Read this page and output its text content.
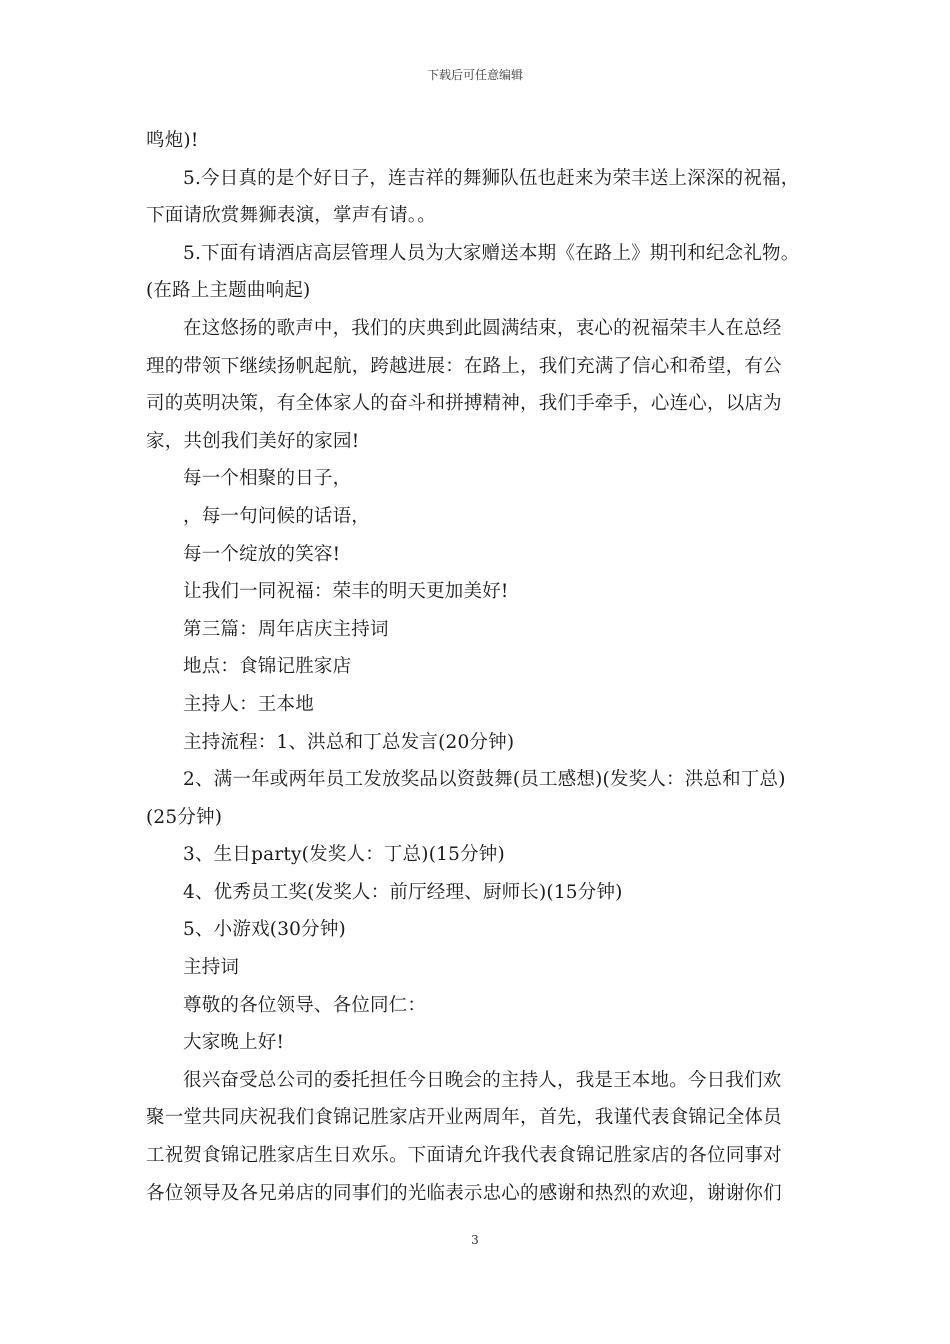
下载后可任意编辑
鸣炮)!
5.今日真的是个好日子，连吉祥的舞狮队伍也赶来为荣丰送上深深的祝福，
下面请欣赏舞狮表演，掌声有请。。
5.下面有请酒店高层管理人员为大家赠送本期《在路上》期刊和纪念礼物。
(在路上主题曲响起)
在这悠扬的歌声中，我们的庆典到此圆满结束，衷心的祝福荣丰人在总经
理的带领下继续扬帆起航，跨越进展：在路上，我们充满了信心和希望，有公
司的英明决策，有全体家人的奋斗和拼搏精神，我们手牵手，心连心，以店为
家，共创我们美好的家园!
每一个相聚的日子，
，每一句问候的话语，
每一个绽放的笑容!
让我们一同祝福：荣丰的明天更加美好!
第三篇：周年店庆主持词
地点：食锦记胜家店
主持人：王本地
主持流程：1、洪总和丁总发言(20分钟)
2、满一年或两年员工发放奖品以资鼓舞(员工感想)(发奖人：洪总和丁总)
(25分钟)
3、生日party(发奖人：丁总)(15分钟)
4、优秀员工奖(发奖人：前厅经理、厨师长)(15分钟)
5、小游戏(30分钟)
主持词
尊敬的各位领导、各位同仁：
大家晚上好!
很兴奋受总公司的委托担任今日晚会的主持人，我是王本地。今日我们欢
聚一堂共同庆祝我们食锦记胜家店开业两周年，首先，我谨代表食锦记全体员
工祝贺食锦记胜家店生日欢乐。下面请允许我代表食锦记胜家店的各位同事对
各位领导及各兄弟店的同事们的光临表示忠心的感谢和热烈的欢迎，谢谢你们
3
